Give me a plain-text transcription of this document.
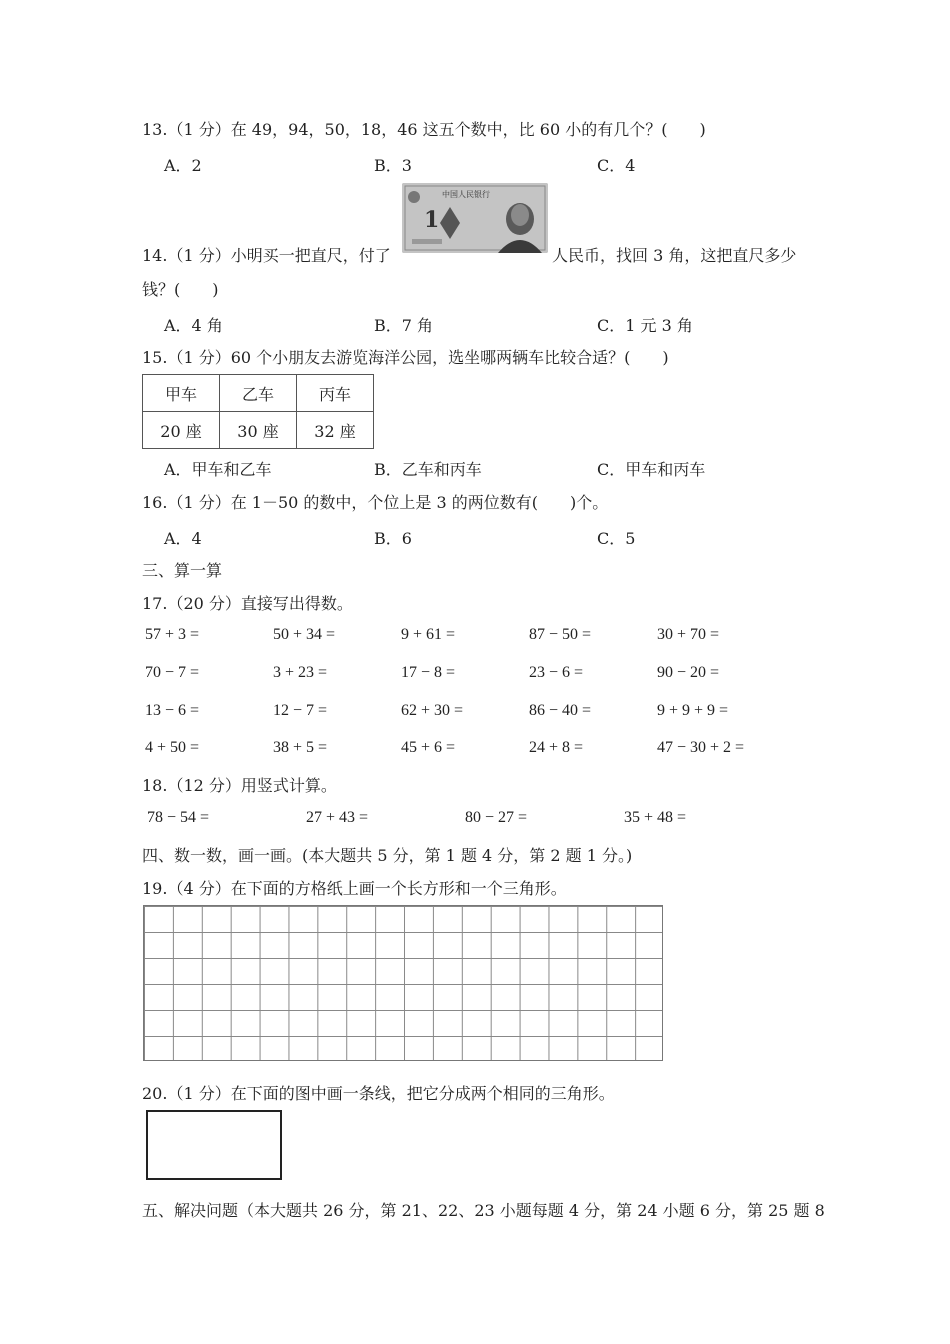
13.（1 分）在 49，94，50，18，46 这五个数中，比 60 小的有几个？(　　)
A．2	B．3	C．4
中国人民银行
1
14.（1 分）小明买一把直尺，付了	人民币，找回 3 角，这把直尺多少
钱？(　　)
A．4 角	B．7 角	C．1 元 3 角
15.（1 分）60 个小朋友去游览海洋公园，选坐哪两辆车比较合适？(　　)
甲车	乙车	丙车
20 座	30 座	32 座
A．甲车和乙车	B．乙车和丙车	C．甲车和丙车
16.（1 分）在 1－50 的数中，个位上是 3 的两位数有(　　)个。
A．4	B．6	C．5
三、算一算
17.（20 分）直接写出得数。
57 + 3 =	50 + 34 =	9 + 61 =	87 − 50 =	30 + 70 =
70 − 7 =	3 + 23 =	17 − 8 =	23 − 6 =	90 − 20 =
13 − 6 =	12 − 7 =	62 + 30 =	86 − 40 =	9 + 9 + 9 =
4 + 50 =	38 + 5 =	45 + 6 =	24 + 8 =	47 − 30 + 2 =
18.（12 分）用竖式计算。
78 − 54 =	27 + 43 =	80 − 27 =	35 + 48 =
四、数一数，画一画。(本大题共 5 分，第 1 题 4 分，第 2 题 1 分。)
19.（4 分）在下面的方格纸上画一个长方形和一个三角形。
20.（1 分）在下面的图中画一条线，把它分成两个相同的三角形。
五、解决问题（本大题共 26 分，第 21、22、23 小题每题 4 分，第 24 小题 6 分，第 25 题 8
